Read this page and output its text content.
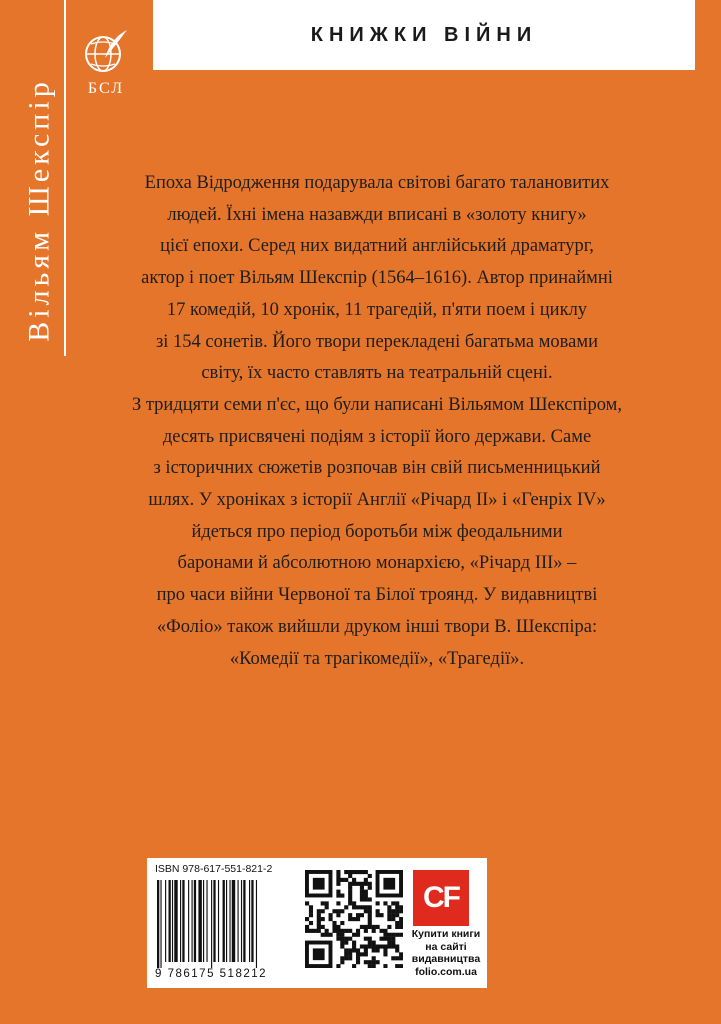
Вільям Шекспір	БСЛ
КНИЖКИ ВІЙНИ
Епоха Відродження подарувала світові багато талановитих
людей. Їхні імена назавжди вписані в «золоту книгу»
цієї епохи. Серед них видатний англійський драматург,
актор і поет Вільям Шекспір (1564–1616). Автор принаймні
17 комедій, 10 хронік, 11 трагедій, п'яти поем і циклу
зі 154 сонетів. Його твори перекладені багатьма мовами
світу, їх часто ставлять на театральній сцені.
З тридцяти семи п'єс, що були написані Вільямом Шекспіром,
десять присвячені подіям з історії його держави. Саме
з історичних сюжетів розпочав він свій письменницький
шлях. У хроніках з історії Англії «Річард II» і «Генріх IV»
йдеться про період боротьби між феодальними
баронами й абсолютною монархією, «Річард III» –
про часи війни Червоної та Білої троянд. У видавництві
«Фоліо» також вийшли друком інші твори В. Шекспіра:
«Комедії та трагікомедії», «Трагедії».
ISBN 978-617-551-821-2
9 786175 518212
CF
Купити книги
на сайті
видавництва
folio.com.ua
